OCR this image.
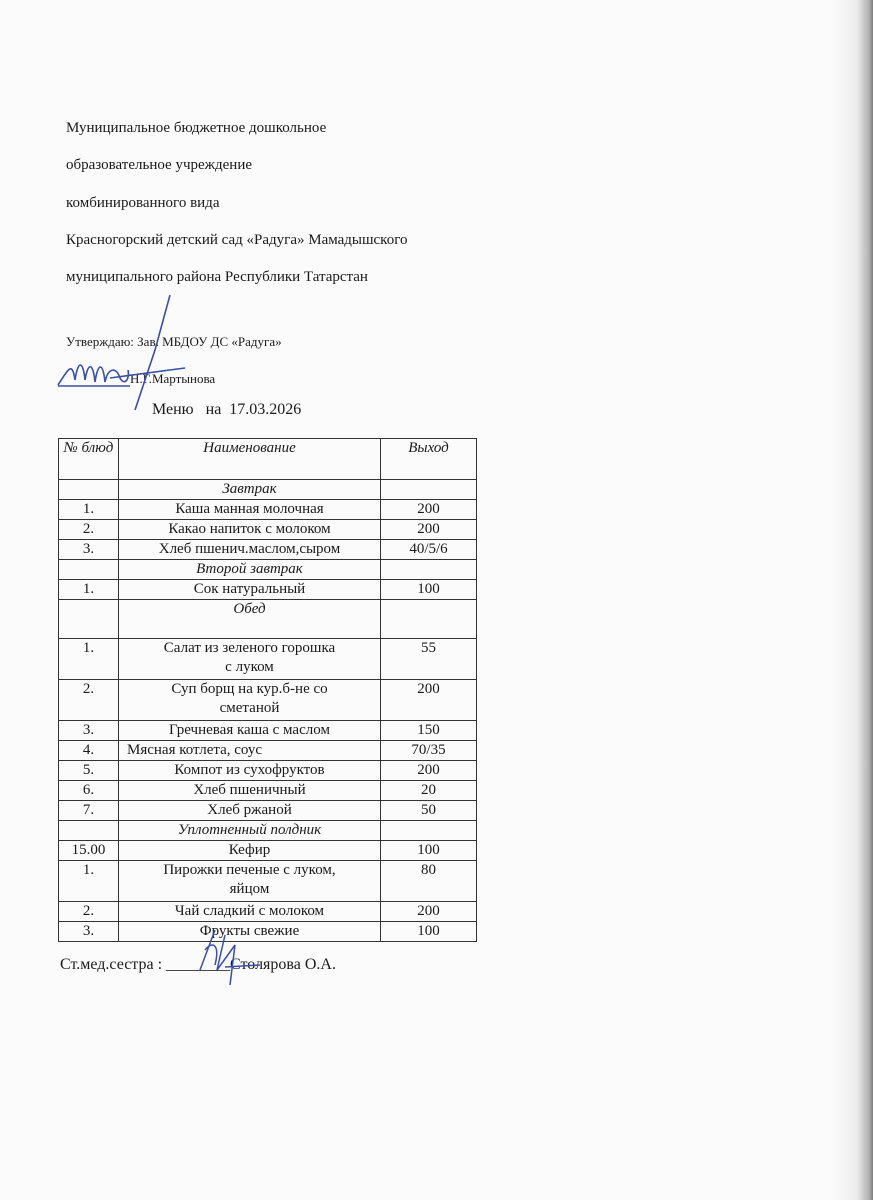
Муниципальное бюджетное дошкольное
образовательное учреждение
комбинированного вида
Красногорский детский сад «Радуга» Мамадышского
муниципального района Республики Татарстан
Утверждаю: Зав. МБДОУ ДС «Радуга»
Н.Г.Мартынова
Меню   на  17.03.2026
№ блюд	Наименование	Выход
	Завтрак	
1.	Каша манная молочная	200
2.	Какао напиток с молоком	200
3.	Хлеб пшенич.маслом,сыром	40/5/6
	Второй завтрак	
1.	Сок натуральный	100
	Обед	
1.	Салат из зеленого горошка с луком	55
2.	Суп борщ на кур.б-не со сметаной	200
3.	Гречневая каша с маслом	150
4.	Мясная котлета, соус	70/35
5.	Компот из сухофруктов	200
6.	Хлеб пшеничный	20
7.	Хлеб ржаной	50
	Уплотненный полдник	
15.00	Кефир	100
1.	Пирожки печеные с луком, яйцом	80
2.	Чай сладкий с молоком	200
3.	Фрукты свежие	100
Ст.мед.сестра : ________Столярова О.А.
